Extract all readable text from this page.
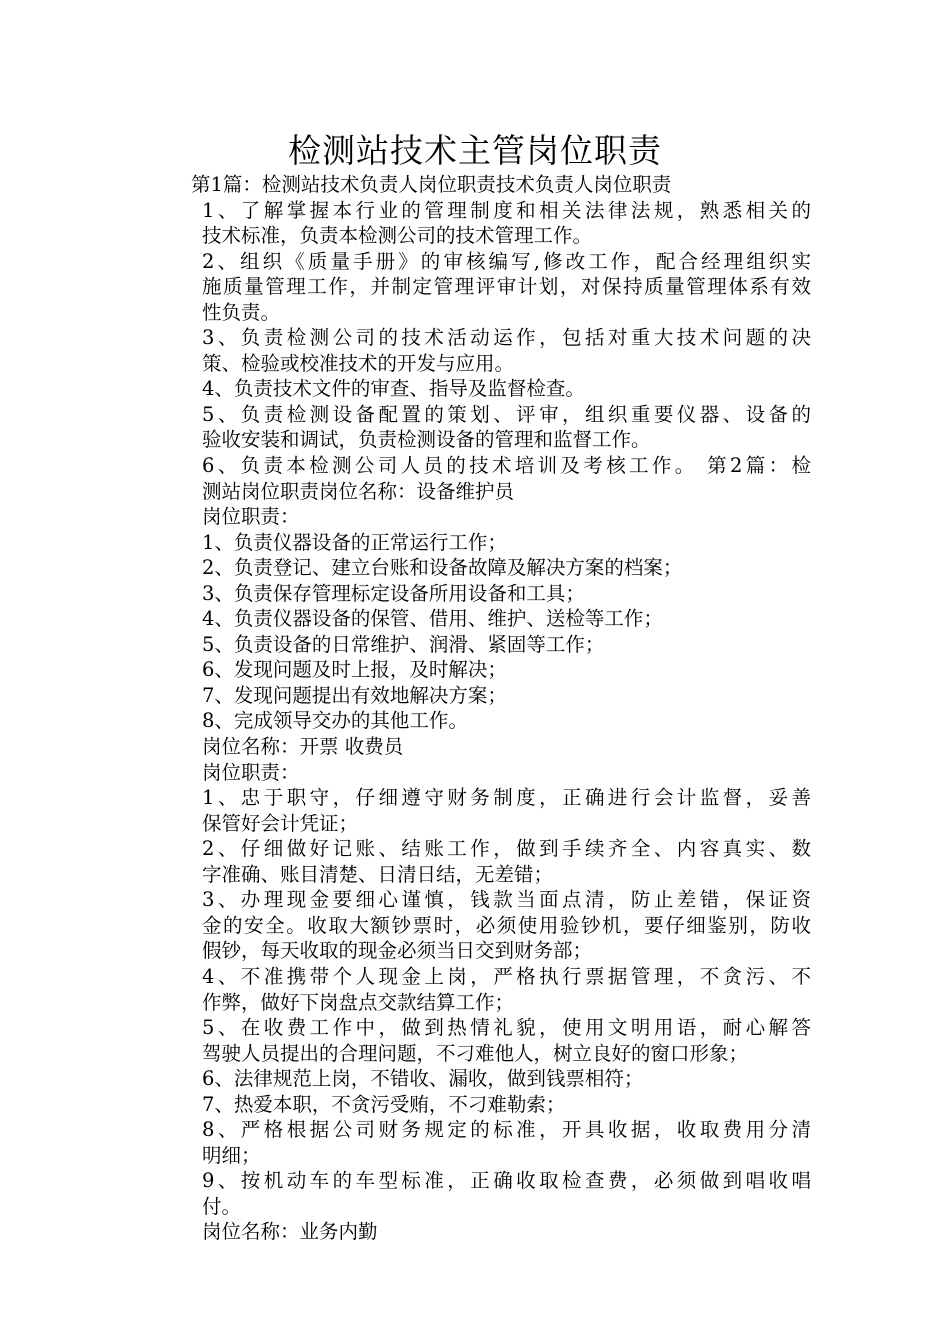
检测站技术主管岗位职责
第1篇：检测站技术负责人岗位职责技术负责人岗位职责
1、了解掌握本行业的管理制度和相关法律法规，熟悉相关的
技术标准，负责本检测公司的技术管理工作。
2、组织《质量手册》的审核编写,修改工作，配合经理组织实
施质量管理工作，并制定管理评审计划，对保持质量管理体系有效
性负责。
3、负责检测公司的技术活动运作，包括对重大技术问题的决
策、检验或校准技术的开发与应用。
4、负责技术文件的审查、指导及监督检查。
5、负责检测设备配置的策划、评审，组织重要仪器、设备的
验收安装和调试，负责检测设备的管理和监督工作。
6、负责本检测公司人员的技术培训及考核工作。 第2篇：检
测站岗位职责岗位名称：设备维护员
岗位职责：
1、负责仪器设备的正常运行工作；
2、负责登记、建立台账和设备故障及解决方案的档案；
3、负责保存管理标定设备所用设备和工具；
4、负责仪器设备的保管、借用、维护、送检等工作；
5、负责设备的日常维护、润滑、紧固等工作；
6、发现问题及时上报，及时解决；
7、发现问题提出有效地解决方案；
8、完成领导交办的其他工作。
岗位名称：开票 收费员
岗位职责：
1、忠于职守，仔细遵守财务制度，正确进行会计监督，妥善
保管好会计凭证；
2、仔细做好记账、结账工作，做到手续齐全、内容真实、数
字准确、账目清楚、日清日结，无差错；
3、办理现金要细心谨慎，钱款当面点清，防止差错，保证资
金的安全。收取大额钞票时，必须使用验钞机，要仔细鉴别，防收
假钞，每天收取的现金必须当日交到财务部；
4、不准携带个人现金上岗，严格执行票据管理，不贪污、不
作弊，做好下岗盘点交款结算工作；
5、在收费工作中，做到热情礼貌，使用文明用语，耐心解答
驾驶人员提出的合理问题，不刁难他人，树立良好的窗口形象；
6、法律规范上岗，不错收、漏收，做到钱票相符；
7、热爱本职，不贪污受贿，不刁难勒索；
8、严格根据公司财务规定的标准，开具收据，收取费用分清
明细；
9、按机动车的车型标准，正确收取检查费，必须做到唱收唱
付。
岗位名称：业务内勤
